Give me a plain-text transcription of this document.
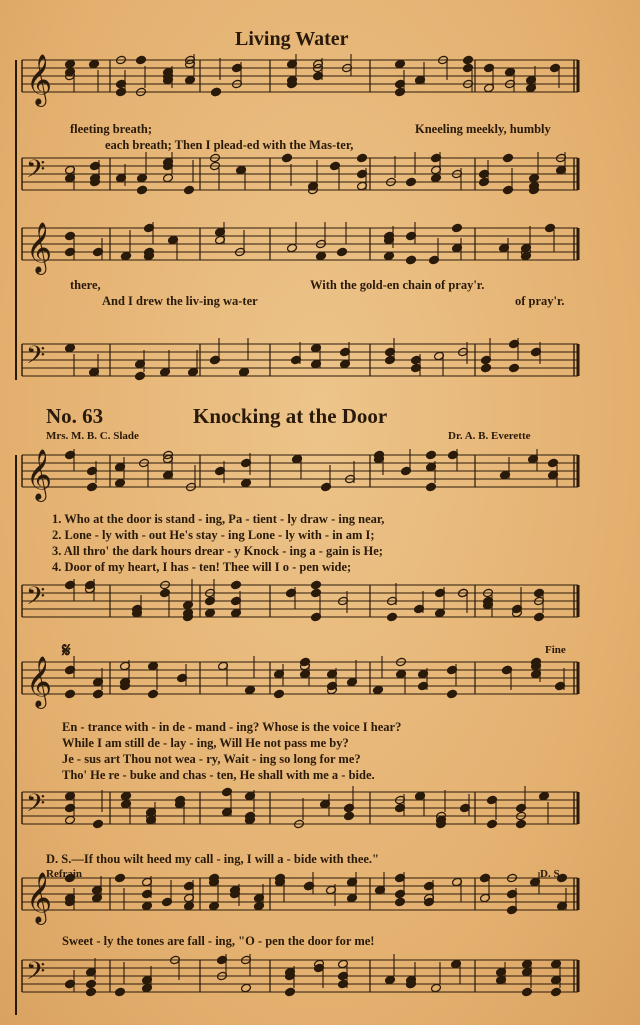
𝄞
𝄢
𝄞
𝄢
𝄞
𝄢
𝄞
𝄢
𝄞
𝄢
Living Water
fleeting breath;	Kneeling meekly, humbly
each breath; Then I plead-ed with the Mas-ter,
there,	With the gold-en chain of pray'r.
And I drew the liv-ing wa-ter	of pray'r.
No. 63	Knocking at the Door
Mrs. M. B. C. Slade	Dr. A. B. Everette
1. Who at the door is stand - ing, Pa - tient - ly draw - ing near,
2. Lone - ly with - out He's stay - ing Lone - ly with - in am I;
3. All thro' the dark hours drear - y Knock - ing a - gain is He;
4. Door of my heart, I has - ten! Thee will I o - pen wide;
𝄋	Fine
En - trance with - in de - mand - ing? Whose is the voice I hear?
While I am still de - lay - ing, Will He not pass me by?
Je - sus art Thou not wea - ry, Wait - ing so long for me?
Tho' He re - buke and chas - ten, He shall with me a - bide.
D. S.—If thou wilt heed my call - ing, I will a - bide with thee."
Refrain	D. S.
Sweet - ly the tones are fall - ing, "O - pen the door for me!
